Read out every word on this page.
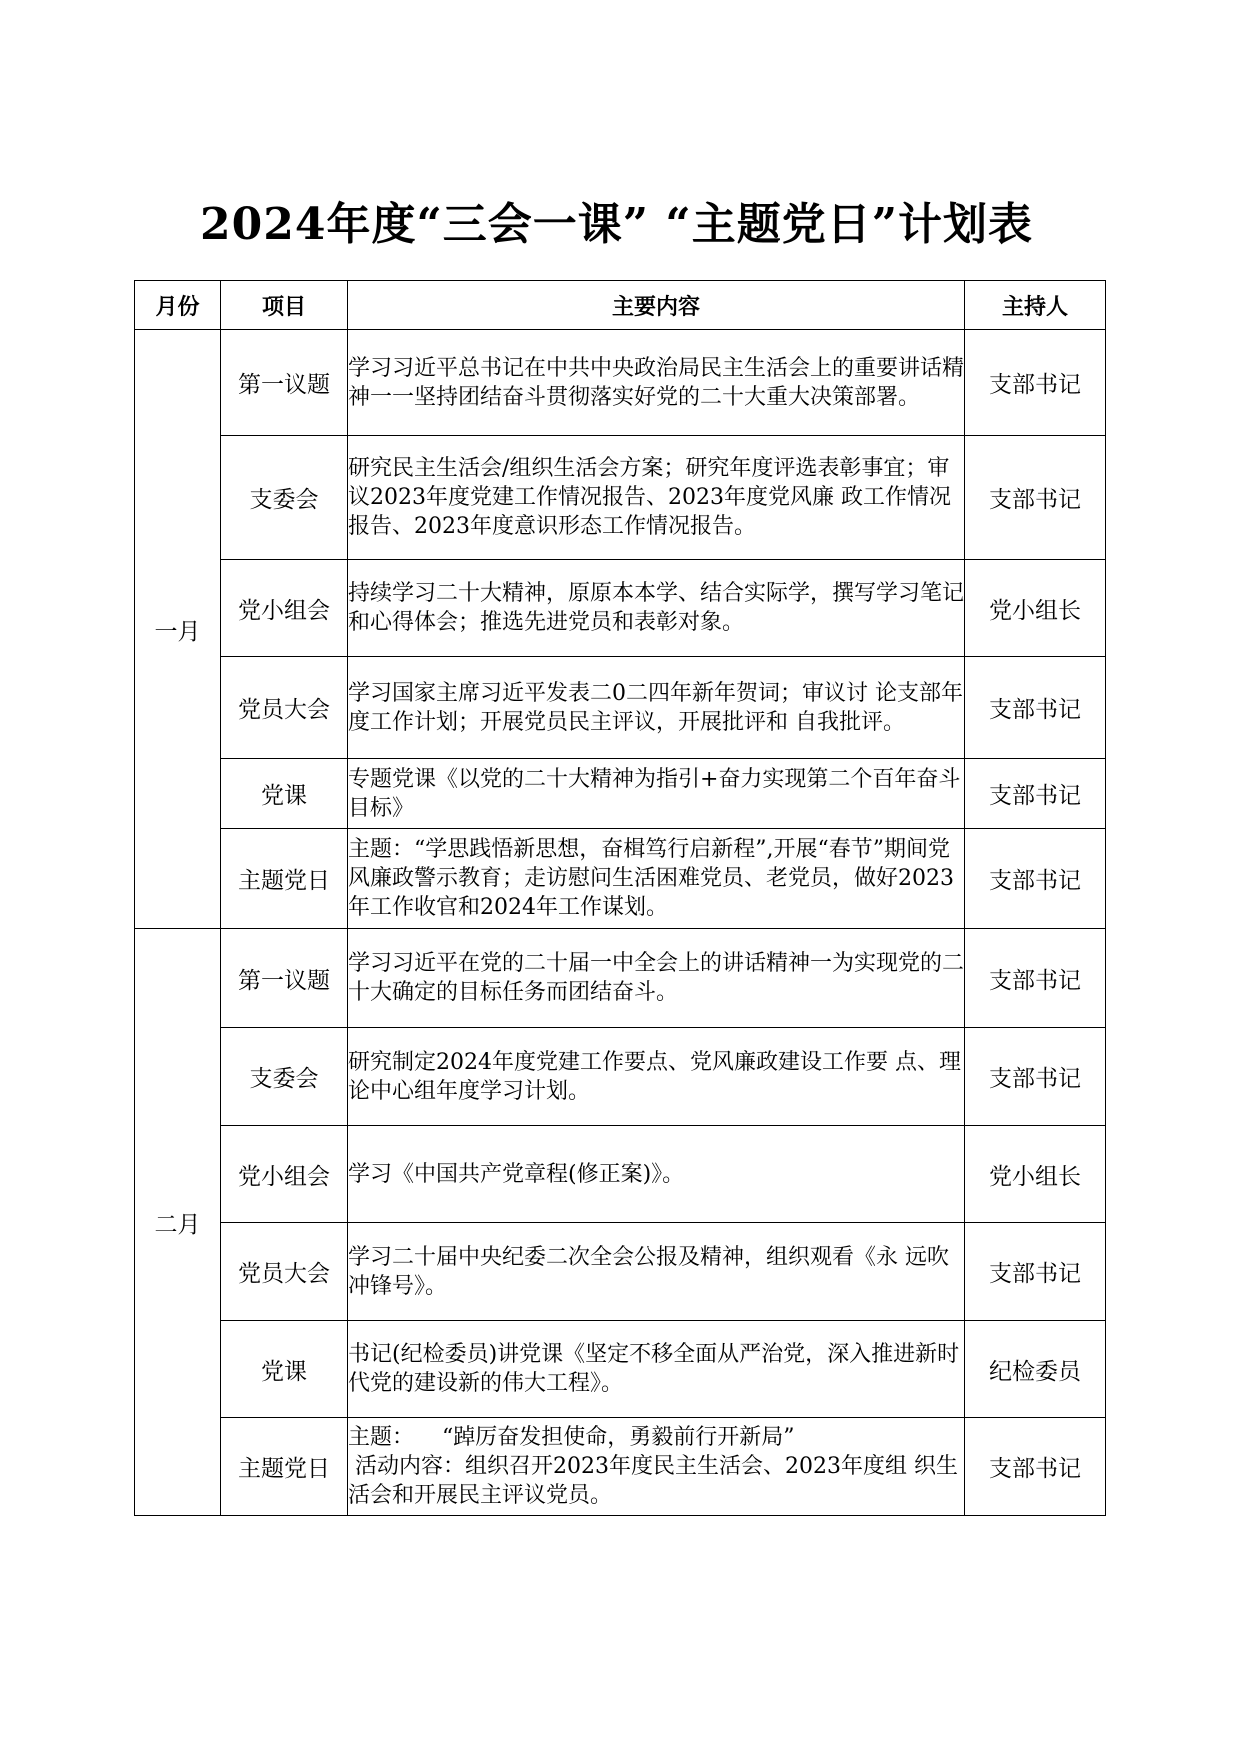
2024年度“三会一课” “主题党日”计划表
月份	项目	主要内容	主持人
一月	第一议题	学习习近平总书记在中共中央政治局民主生活会上的重要讲话精神一一坚持团结奋斗贯彻落实好党的二十大重大决策部署。	支部书记
	支委会	研究民主生活会/组织生活会方案；研究年度评选表彰事宜；审议2023年度党建工作情况报告、2023年度党风廉 政工作情况报告、2023年度意识形态工作情况报告。	支部书记
	党小组会	持续学习二十大精神，原原本本学、结合实际学，撰写学习笔记和心得体会；推选先进党员和表彰对象。	党小组长
	党员大会	学习国家主席习近平发表二0二四年新年贺词；审议讨 论支部年度工作计划；开展党员民主评议，开展批评和 自我批评。	支部书记
	党课	专题党课《以党的二十大精神为指引+奋力实现第二个百年奋斗目标》	支部书记
	主题党日	主题：“学思践悟新思想，奋楫笃行启新程”,开展“春节”期间党风廉政警示教育；走访慰问生活困难党员、老党员，做好2023年工作收官和2024年工作谋划。	支部书记
二月	第一议题	学习习近平在党的二十届一中全会上的讲话精神一为实现党的二十大确定的目标任务而团结奋斗。	支部书记
	支委会	研究制定2024年度党建工作要点、党风廉政建设工作要 点、理论中心组年度学习计划。	支部书记
	党小组会	学习《中国共产党章程(修正案)》。	党小组长
	党员大会	学习二十届中央纪委二次全会公报及精神，组织观看《永 远吹冲锋号》。	支部书记
	党课	书记(纪检委员)讲党课《坚定不移全面从严治党，深入推进新时代党的建设新的伟大工程》。	纪检委员
	主题党日	主题：    “踔厉奋发担使命，勇毅前行开新局”
活动内容：组织召开2023年度民主生活会、2023年度组 织生活会和开展民主评议党员。	支部书记
